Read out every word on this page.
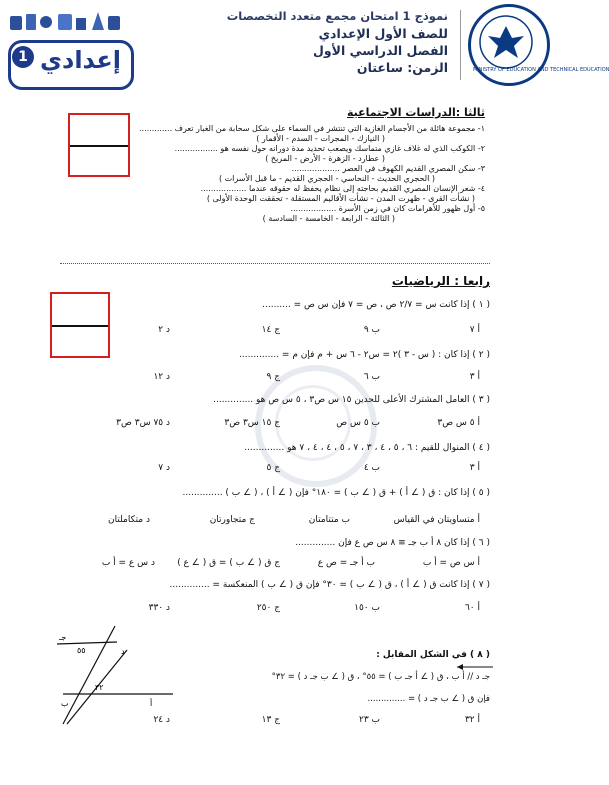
إعدادي
1
نموذج 1 امتحان مجمع متعدد التخصصات
للصف الأول الإعدادي
الفصل الدراسي الأول
الزمن: ساعتان	MINISTRY OF EDUCATION AND TECHNICAL EDUCATION
ثالثا :الدراسات الاجتماعية
١- مجموعة هائلة من الأجسام الغازية التي تنتشر في السماء على شكل سحابة من الغبار تعرف .............
( النيازك - المجرات - السدم - الأقمار )
٢- الكوكب الذي له غلاف غازي متماسك ويصعب تحديد مدة دورانه حول نفسه هو .................
( عطارد - الزهرة - الأرض - المريخ )
٣- سكن المصري القديم الكهوف في العصر ...................
( الحجري الحديث - النحاسي - الحجري القديم - ما قبل الأسرات )
٤- شعر الإنسان المصري القديم بحاجته إلى نظام يحفظ له حقوقه عندما ..................
( نشأت القرى - ظهرت المدن - نشأت الأقاليم المستقلة - تحققت الوحدة الأولى )
٥- أول ظهور للأهرامات كان في زمن الأسرة ..................
( الثالثة - الرابعة - الخامسة - السادسة )
رابعا : الرياضيات
( ١ ) إذا كانت س = ٢/٧ ص ، ص = ٧ فإن س ص = ..........
أ ٧
ب ٩
ج ١٤
د ٢
( ٢ ) إذا كان : ( س - ٣ )٢ = س٢ - ٦ س + م فإن م = ..............
أ ٣
ب ٦
ج ٩
د ١٢
( ٣ ) العامل المشترك الأعلى للحدين ١٥ س ص٣ ، ٥ س ص هو ..............
أ ٥ س ص٣
ب ٥ س ص
ج ١٥ س٣ ص٣
د ٧٥ س٣ ص٣
( ٤ ) المنوال للقيم : ٦ ، ٥ ، ٤ ، ٣ ، ٧ ، ٥ ، ٤ ، ٤ ، ٧ هو ..............
أ ٣
ب ٤
ج ٥
د ٧
( ٥ ) إذا كان : ق ( ∠ أ ) + ق ( ∠ ب ) = ١٨٠° فإن ( ∠ أ ) ، ( ∠ ب ) ..............
أ متساويتان في القياس
ب متتامتان
ج متجاورتان
د متكاملتان
( ٦ ) إذا كان ٨ أ ب جـ ≡ ٨ س ص ع فإن ..............
أ س ص = أ ب
ب أ جـ = ص ع
ج ق ( ∠ ب ) = ق ( ∠ ع )
د س ع = أ ب
( ٧ ) إذا كانت ق ( ∠ أ ) ، ق ( ∠ ب ) = ٣٠° فإن ق ( ∠ ب ) المنعكسة = ..............
أ ٦٠
ب ١٥٠
ج ٢٥٠
د ٣٣٠
( ٨ ) في الشكل المقابل :
جـ د // أ ب ، ق ( ∠ أ جـ ب ) = ٥٥° ، ق ( ∠ ب جـ د ) = ٣٢°
فإن ق ( ∠ ب جـ د ) = ..............
أ ٣٢
ب ٢٣
ج ١٣
د ٢٤
٥٥
٣٢
أ
د
جـ
ب
